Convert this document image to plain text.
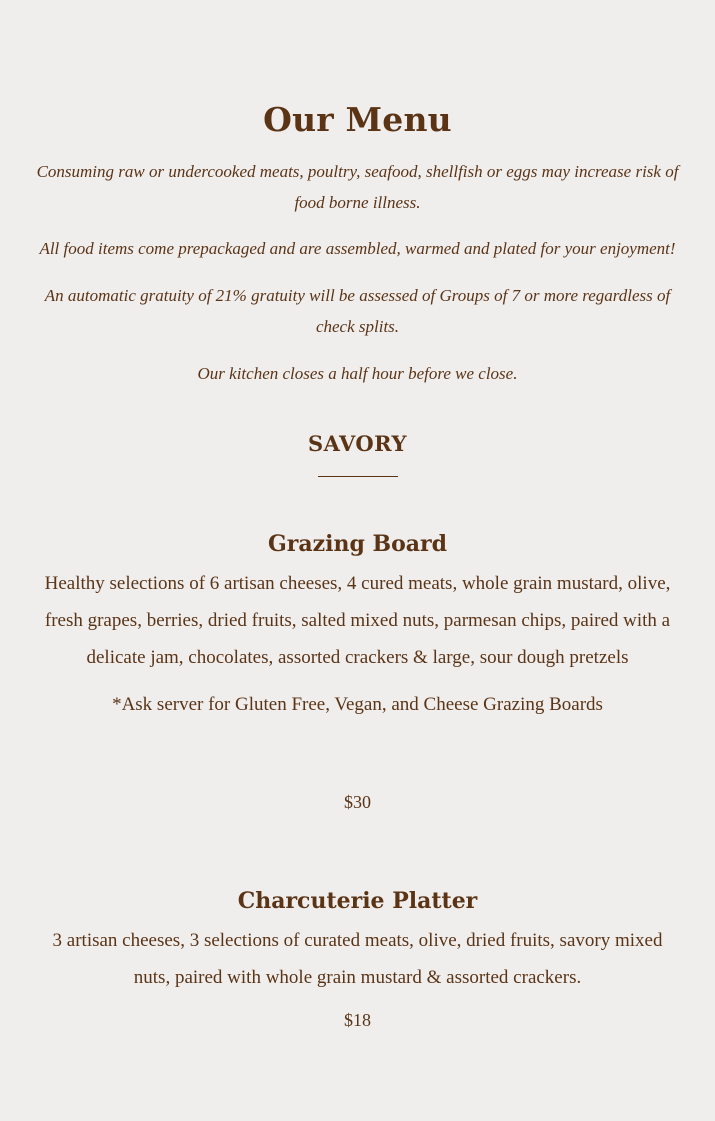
Our Menu

Consuming raw or undercooked meats, poultry, seafood, shellfish or eggs may increase risk of food borne illness.

All food items come prepackaged and are assembled, warmed and plated for your enjoyment!

An automatic gratuity of 21% gratuity will be assessed of Groups of 7 or more regardless of check splits.

Our kitchen closes a half hour before we close.

SAVORY
Grazing Board

Healthy selections of 6 artisan cheeses, 4 cured meats, whole grain mustard, olive, fresh grapes, berries, dried fruits, salted mixed nuts, parmesan chips, paired with a delicate jam, chocolates, assorted crackers & large, sour dough pretzels

*Ask server for Gluten Free, Vegan, and Cheese Grazing Boards

$30

Charcuterie Platter

3 artisan cheeses, 3 selections of curated meats, olive, dried fruits, savory mixed nuts, paired with whole grain mustard & assorted crackers.

$18
